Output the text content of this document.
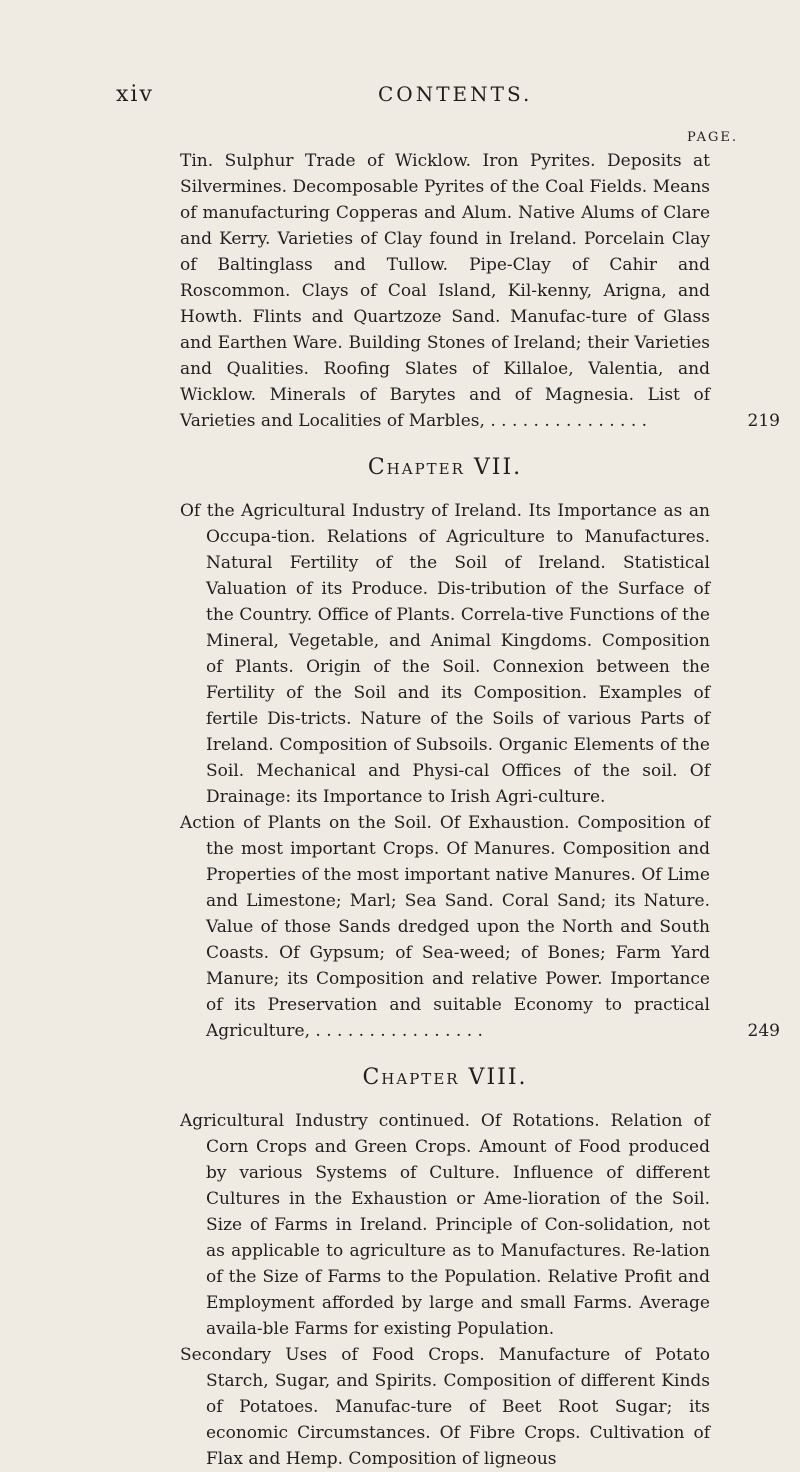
xiv	CONTENTS.
PAGE.

Tin. Sulphur Trade of Wicklow. Iron Pyrites. Deposits at Silvermines. Decomposable Pyrites of the Coal Fields. Means of manufacturing Copperas and Alum. Native Alums of Clare and Kerry. Varieties of Clay found in Ireland. Porcelain Clay of Baltinglass and Tullow. Pipe-Clay of Cahir and Roscommon. Clays of Coal Island, Kil-kenny, Arigna, and Howth. Flints and Quartzoze Sand. Manufac-ture of Glass and Earthen Ware. Building Stones of Ireland; their Varieties and Qualities. Roofing Slates of Killaloe, Valentia, and Wicklow. Minerals of Barytes and of Magnesia. List of Varieties and Localities of Marbles, . . . . . . . . . . . . . . .	219

Chapter VII.

Of the Agricultural Industry of Ireland. Its Importance as an Occupa-tion. Relations of Agriculture to Manufactures. Natural Fertility of the Soil of Ireland. Statistical Valuation of its Produce. Dis-tribution of the Surface of the Country. Office of Plants. Correla-tive Functions of the Mineral, Vegetable, and Animal Kingdoms. Composition of Plants. Origin of the Soil. Connexion between the Fertility of the Soil and its Composition. Examples of fertile Dis-tricts. Nature of the Soils of various Parts of Ireland. Composition of Subsoils. Organic Elements of the Soil. Mechanical and Physi-cal Offices of the soil. Of Drainage: its Importance to Irish Agri-culture.

Action of Plants on the Soil. Of Exhaustion. Composition of the most important Crops. Of Manures. Composition and Properties of the most important native Manures. Of Lime and Limestone; Marl; Sea Sand. Coral Sand; its Nature. Value of those Sands dredged upon the North and South Coasts. Of Gypsum; of Sea-weed; of Bones; Farm Yard Manure; its Composition and relative Power. Importance of its Preservation and suitable Economy to practical Agriculture, . . . . . . . . . . . . . . . .	249

Chapter VIII.

Agricultural Industry continued. Of Rotations. Relation of Corn Crops and Green Crops. Amount of Food produced by various Systems of Culture. Influence of different Cultures in the Exhaustion or Ame-lioration of the Soil. Size of Farms in Ireland. Principle of Con-solidation, not as applicable to agriculture as to Manufactures. Re-lation of the Size of Farms to the Population. Relative Profit and Employment afforded by large and small Farms. Average availa-ble Farms for existing Population.

Secondary Uses of Food Crops. Manufacture of Potato Starch, Sugar, and Spirits. Composition of different Kinds of Potatoes. Manufac-ture of Beet Root Sugar; its economic Circumstances. Of Fibre Crops. Cultivation of Flax and Hemp. Composition of ligneous
